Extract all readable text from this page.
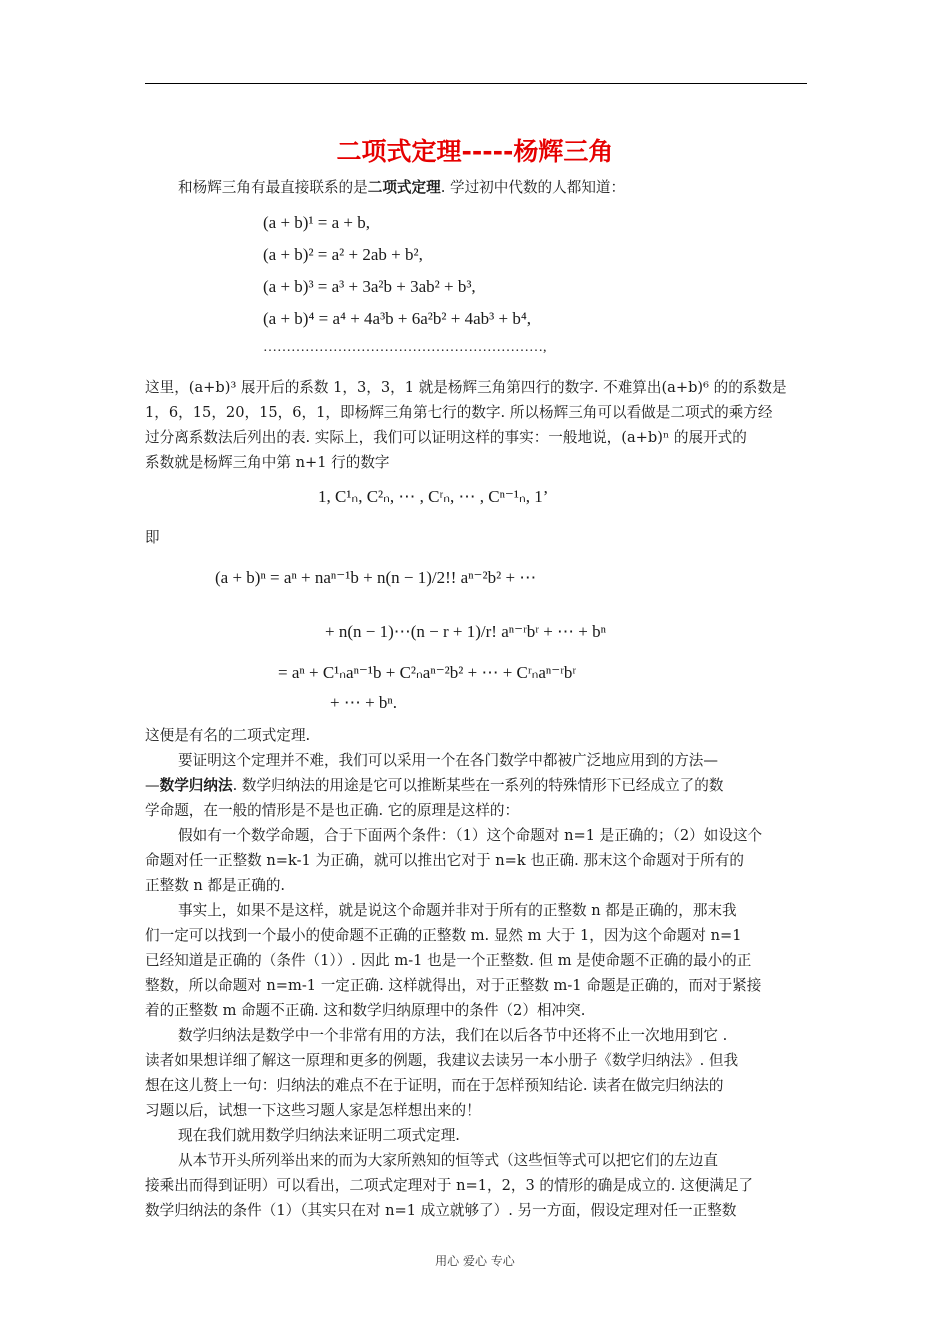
二项式定理-----杨辉三角
和杨辉三角有最直接联系的是二项式定理. 学过初中代数的人都知道：
(a + b)¹ = a + b,
(a + b)² = a² + 2ab + b²,
(a + b)³ = a³ + 3a²b + 3ab² + b³,
(a + b)⁴ = a⁴ + 4a³b + 6a²b² + 4ab³ + b⁴,
……………………………………………………,
这里，(a+b)³ 展开后的系数 1，3，3，1 就是杨辉三角第四行的数字. 不难算出(a+b)⁶ 的的系数是
1，6，15，20，15，6，1，即杨辉三角第七行的数字. 所以杨辉三角可以看做是二项式的乘方经
过分离系数法后列出的表. 实际上，我们可以证明这样的事实：一般地说，(a+b)ⁿ 的展开式的
系数就是杨辉三角中第 n+1 行的数字
1, C¹ₙ, C²ₙ, ⋯ , Cʳₙ, ⋯ , Cⁿ⁻¹ₙ, 1’
即
(a + b)ⁿ = aⁿ + naⁿ⁻¹b + n(n − 1)/2!! aⁿ⁻²b² + ⋯
+ n(n − 1)⋯(n − r + 1)/r! aⁿ⁻ʳbʳ + ⋯ + bⁿ
= aⁿ + C¹ₙaⁿ⁻¹b + C²ₙaⁿ⁻²b² + ⋯ + Cʳₙaⁿ⁻ʳbʳ
+ ⋯ + bⁿ.
这便是有名的二项式定理.
要证明这个定理并不难，我们可以采用一个在各门数学中都被广泛地应用到的方法—
—数学归纳法. 数学归纳法的用途是它可以推断某些在一系列的特殊情形下已经成立了的数
学命题，在一般的情形是不是也正确. 它的原理是这样的：
假如有一个数学命题，合于下面两个条件：（1）这个命题对 n=1 是正确的；（2）如设这个
命题对任一正整数 n=k-1 为正确，就可以推出它对于 n=k 也正确. 那末这个命题对于所有的
正整数 n 都是正确的.
事实上，如果不是这样，就是说这个命题并非对于所有的正整数 n 都是正确的，那末我
们一定可以找到一个最小的使命题不正确的正整数 m. 显然 m 大于 1，因为这个命题对 n=1
已经知道是正确的（条件（1））. 因此 m-1 也是一个正整数. 但 m 是使命题不正确的最小的正
整数，所以命题对 n=m-1 一定正确. 这样就得出，对于正整数 m-1 命题是正确的，而对于紧接
着的正整数 m 命题不正确. 这和数学归纳原理中的条件（2）相冲突.
数学归纳法是数学中一个非常有用的方法，我们在以后各节中还将不止一次地用到它 .
读者如果想详细了解这一原理和更多的例题，我建议去读另一本小册子《数学归纳法》. 但我
想在这儿赘上一句：归纳法的难点不在于证明，而在于怎样预知结论. 读者在做完归纳法的
习题以后，试想一下这些习题人家是怎样想出来的！
现在我们就用数学归纳法来证明二项式定理.
从本节开头所列举出来的而为大家所熟知的恒等式（这些恒等式可以把它们的左边直
接乘出而得到证明）可以看出，二项式定理对于 n=1，2，3 的情形的确是成立的. 这便满足了
数学归纳法的条件（1）（其实只在对 n=1 成立就够了）. 另一方面，假设定理对任一正整数
用心 爱心 专心
